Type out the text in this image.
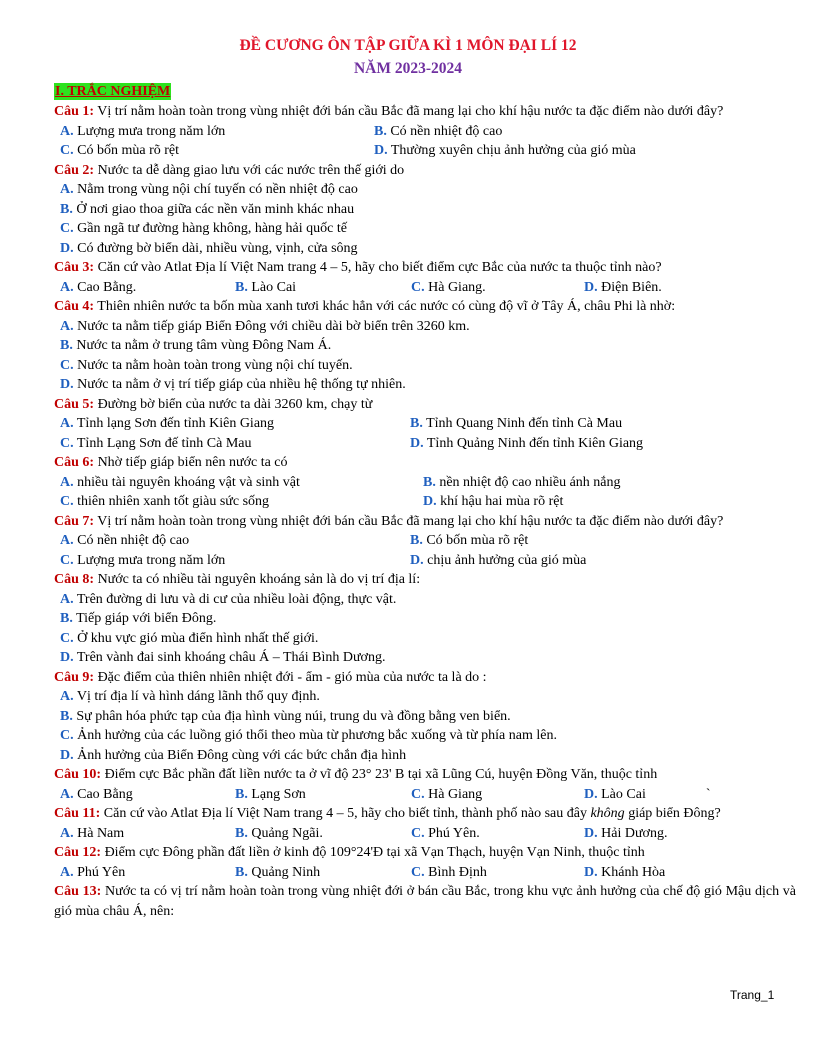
ĐỀ CƯƠNG ÔN TẬP GIỮA KÌ 1 MÔN ĐẠI LÍ 12
NĂM 2023-2024
I. TRẮC NGHIỆM
Câu 1: Vị trí nằm hoàn toàn trong vùng nhiệt đới bán cầu Bắc đã mang lại cho khí hậu nước ta đặc điểm nào dưới đây?
A. Lượng mưa trong năm lớn	B. Có nền nhiệt độ cao
C. Có bốn mùa rõ rệt	D. Thường xuyên chịu ảnh hưởng của gió mùa
Câu 2: Nước ta dễ dàng giao lưu với các nước trên thế giới do
A. Nằm trong vùng nội chí tuyến có nền nhiệt độ cao
B. Ở nơi giao thoa giữa các nền văn minh khác nhau
C. Gần ngã tư đường hàng không, hàng hải quốc tế
D. Có đường bờ biển dài, nhiều vùng, vịnh, cửa sông
Câu 3: Căn cứ vào Atlat Địa lí Việt Nam trang 4 – 5, hãy cho biết điểm cực Bắc của nước ta thuộc tỉnh nào?
A. Cao Bằng.	B. Lào Cai	C. Hà Giang.	D. Điện Biên.
Câu 4: Thiên nhiên nước ta bốn mùa xanh tươi khác hẳn với các nước có cùng độ vĩ ở Tây Á, châu Phi là nhờ:
A. Nước ta nằm tiếp giáp Biển Đông với chiều dài bờ biển trên 3260 km.
B. Nước ta nằm ở trung tâm vùng Đông Nam Á.
C. Nước ta nằm hoàn toàn trong vùng nội chí tuyến.
D. Nước ta nằm ở vị trí tiếp giáp của nhiều hệ thống tự nhiên.
Câu 5: Đường bờ biển của nước ta dài 3260 km, chạy từ
A. Tỉnh lạng Sơn đến tỉnh Kiên Giang	B. Tỉnh Quang Ninh đến tỉnh Cà Mau
C. Tỉnh Lạng Sơn đế tỉnh Cà Mau	D. Tỉnh Quảng Ninh đến tỉnh Kiên Giang
Câu 6: Nhờ tiếp giáp biển nên nước ta có
A. nhiều tài nguyên khoáng vật và sinh vật	B. nền nhiệt độ cao nhiều ánh nắng
C. thiên nhiên xanh tốt giàu sức sống	D. khí hậu hai mùa rõ rệt
Câu 7: Vị trí nằm hoàn toàn trong vùng nhiệt đới bán cầu Bắc đã mang lại cho khí hậu nước ta đặc điểm nào dưới đây?
A. Có nền nhiệt độ cao	B. Có bốn mùa rõ rệt
C. Lượng mưa trong năm lớn	D. chịu ảnh hưởng của gió mùa
Câu 8: Nước ta có nhiều tài nguyên khoáng sản là do vị trí địa lí:
A. Trên đường di lưu và di cư của nhiều loài động, thực vật.
B. Tiếp giáp với biển Đông.
C. Ở khu vực gió mùa điển hình nhất thế giới.
D. Trên vành đai sinh khoáng châu Á – Thái Bình Dương.
Câu 9: Đặc điểm của thiên nhiên nhiệt đới - ẩm - gió mùa của nước ta là do :
A. Vị trí địa lí và hình dáng lãnh thổ quy định.
B. Sự phân hóa phức tạp của địa hình vùng núi, trung du và đồng bằng ven biển.
C. Ảnh hưởng của các luồng gió thổi theo mùa từ phương bắc xuống và từ phía nam lên.
D. Ảnh hưởng của Biển Đông cùng với các bức chắn địa hình
Câu 10: Điểm cực Bắc phần đất liền nước ta ở vĩ độ 23° 23' B tại xã Lũng Cú, huyện Đồng Văn, thuộc tỉnh
A. Cao Bằng	B. Lạng Sơn	C. Hà Giang	D. Lào Cai	`
Câu 11: Căn cứ vào Atlat Địa lí Việt Nam trang 4 – 5, hãy cho biết tỉnh, thành phố nào sau đây không giáp biển Đông?
A. Hà Nam	B. Quảng Ngãi.	C. Phú Yên.	D. Hải Dương.
Câu 12: Điểm cực Đông phần đất liền ở kinh độ 109°24'Đ tại xã Vạn Thạch, huyện Vạn Ninh, thuộc tỉnh
A. Phú Yên	B. Quảng Ninh	C. Bình Định	D. Khánh Hòa
Câu 13: Nước ta có vị trí nằm hoàn toàn trong vùng nhiệt đới ở bán cầu Bắc, trong khu vực ảnh hưởng của chế độ gió Mậu dịch và gió mùa châu Á, nên:
Trang_1
